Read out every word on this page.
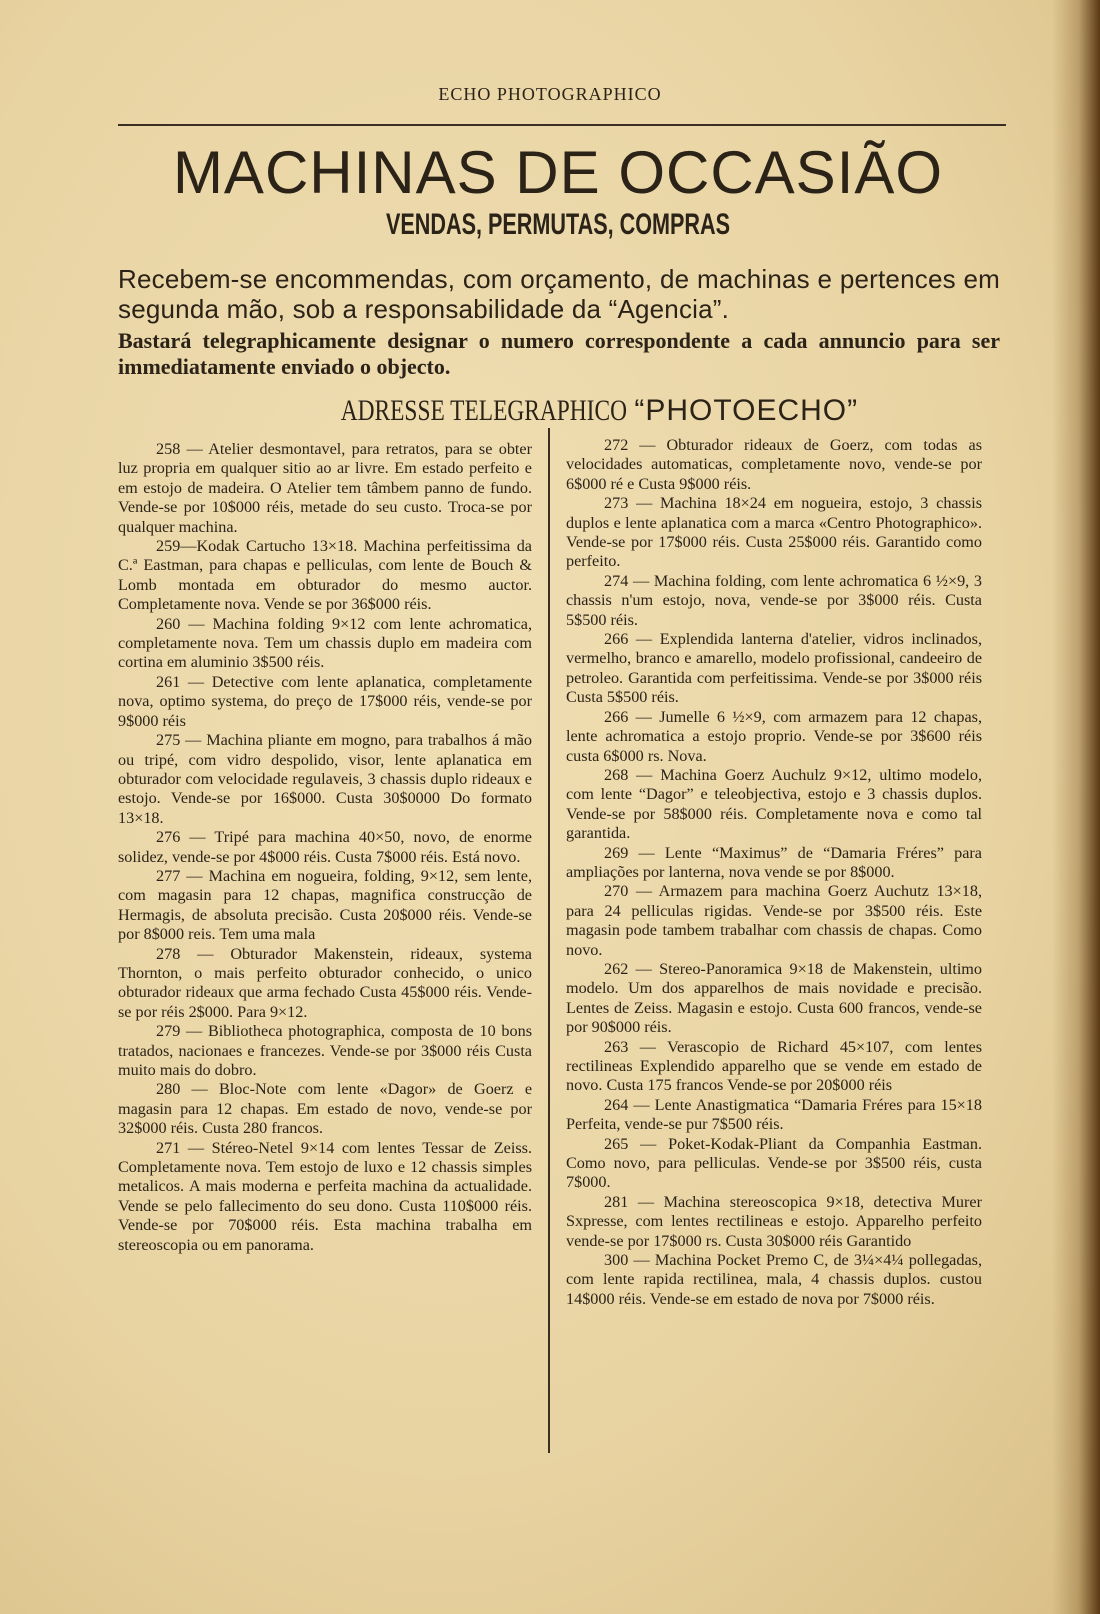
ECHO PHOTOGRAPHICO
MACHINAS DE OCCASIÃO
VENDAS, PERMUTAS, COMPRAS
Recebem-se encommendas, com orçamento, de machinas e pertences em segunda mão, sob a responsabilidade da “Agencia”.
Bastará telegraphicamente designar o numero correspondente a cada annuncio para ser immediatamente enviado o objecto.
ADRESSE TELEGRAPHICO “PHOTOECHO”

258 — Atelier desmontavel, para retratos, para se obter luz propria em qualquer sitio ao ar livre. Em estado perfeito e em estojo de madeira. O Atelier tem tâmbem panno de fundo. Vende-se por 10$000 réis, metade do seu custo. Troca-se por qualquer machina.

259—Kodak Cartucho 13×18. Machina perfeitissima da C.ª Eastman, para chapas e pelliculas, com lente de Bouch & Lomb montada em obturador do mesmo auctor. Completamente nova. Vende se por 36$000 réis.

260 — Machina folding 9×12 com lente achromatica, completamente nova. Tem um chassis duplo em madeira com cortina em aluminio 3$500 réis.

261 — Detective com lente aplanatica, completamente nova, optimo systema, do preço de 17$000 réis, vende-se por 9$000 réis

275 — Machina pliante em mogno, para trabalhos á mão ou tripé, com vidro despolido, visor, lente aplanatica em obturador com velocidade regulaveis, 3 chassis duplo rideaux e estojo. Vende-se por 16$000. Custa 30$0000 Do formato 13×18.

276 — Tripé para machina 40×50, novo, de enorme solidez, vende-se por 4$000 réis. Custa 7$000 réis. Está novo.

277 — Machina em nogueira, folding, 9×12, sem lente, com magasin para 12 chapas, magnifica construcção de Hermagis, de absoluta precisão. Custa 20$000 réis. Vende-se por 8$000 reis. Tem uma mala

278 — Obturador Makenstein, rideaux, systema Thornton, o mais perfeito obturador conhecido, o unico obturador rideaux que arma fechado Custa 45$000 réis. Vende-se por réis 2$000. Para 9×12.

279 — Bibliotheca photographica, composta de 10 bons tratados, nacionaes e francezes. Vende-se por 3$000 réis Custa muito mais do dobro.

280 — Bloc-Note com lente «Dagor» de Goerz e magasin para 12 chapas. Em estado de novo, vende-se por 32$000 réis. Custa 280 francos.

271 — Stéreo-Netel 9×14 com lentes Tessar de Zeiss. Completamente nova. Tem estojo de luxo e 12 chassis simples metalicos. A mais moderna e perfeita machina da actualidade. Vende se pelo fallecimento do seu dono. Custa 110$000 réis. Vende-se por 70$000 réis. Esta machina trabalha em stereoscopia ou em panorama.

272 — Obturador rideaux de Goerz, com todas as velocidades automaticas, completamente novo, vende-se por 6$000 ré e Custa 9$000 réis.

273 — Machina 18×24 em nogueira, estojo, 3 chassis duplos e lente aplanatica com a marca «Centro Photographico». Vende-se por 17$000 réis. Custa 25$000 réis. Garantido como perfeito.

274 — Machina folding, com lente achromatica 6 ½×9, 3 chassis n'um estojo, nova, vende-se por 3$000 réis. Custa 5$500 réis.

266 — Explendida lanterna d'atelier, vidros inclinados, vermelho, branco e amarello, modelo profissional, candeeiro de petroleo. Garantida com perfeitissima. Vende-se por 3$000 réis Custa 5$500 réis.

266 — Jumelle 6 ½×9, com armazem para 12 chapas, lente achromatica a estojo proprio. Vende-se por 3$600 réis custa 6$000 rs. Nova.

268 — Machina Goerz Auchulz 9×12, ultimo modelo, com lente “Dagor” e teleobjectiva, estojo e 3 chassis duplos. Vende-se por 58$000 réis. Completamente nova e como tal garantida.

269 — Lente “Maximus” de “Damaria Fréres” para ampliações por lanterna, nova vende se por 8$000.

270 — Armazem para machina Goerz Auchutz 13×18, para 24 pelliculas rigidas. Vende-se por 3$500 réis. Este magasin pode tambem trabalhar com chassis de chapas. Como novo.

262 — Stereo-Panoramica 9×18 de Makenstein, ultimo modelo. Um dos apparelhos de mais novidade e precisão. Lentes de Zeiss. Magasin e estojo. Custa 600 francos, vende-se por 90$000 réis.

263 — Verascopio de Richard 45×107, com lentes rectilineas Explendido apparelho que se vende em estado de novo. Custa 175 francos Vende-se por 20$000 réis

264 — Lente Anastigmatica “Damaria Fréres para 15×18 Perfeita, vende-se pur 7$500 réis.

265 — Poket-Kodak-Pliant da Companhia Eastman. Como novo, para pelliculas. Vende-se por 3$500 réis, custa 7$000.

281 — Machina stereoscopica 9×18, detectiva Murer Sxpresse, com lentes rectilineas e estojo. Apparelho perfeito vende-se por 17$000 rs. Custa 30$000 réis Garantido

300 — Machina Pocket Premo C, de 3¼×4¼ pollegadas, com lente rapida rectilinea, mala, 4 chassis duplos. custou 14$000 réis. Vende-se em estado de nova por 7$000 réis.
